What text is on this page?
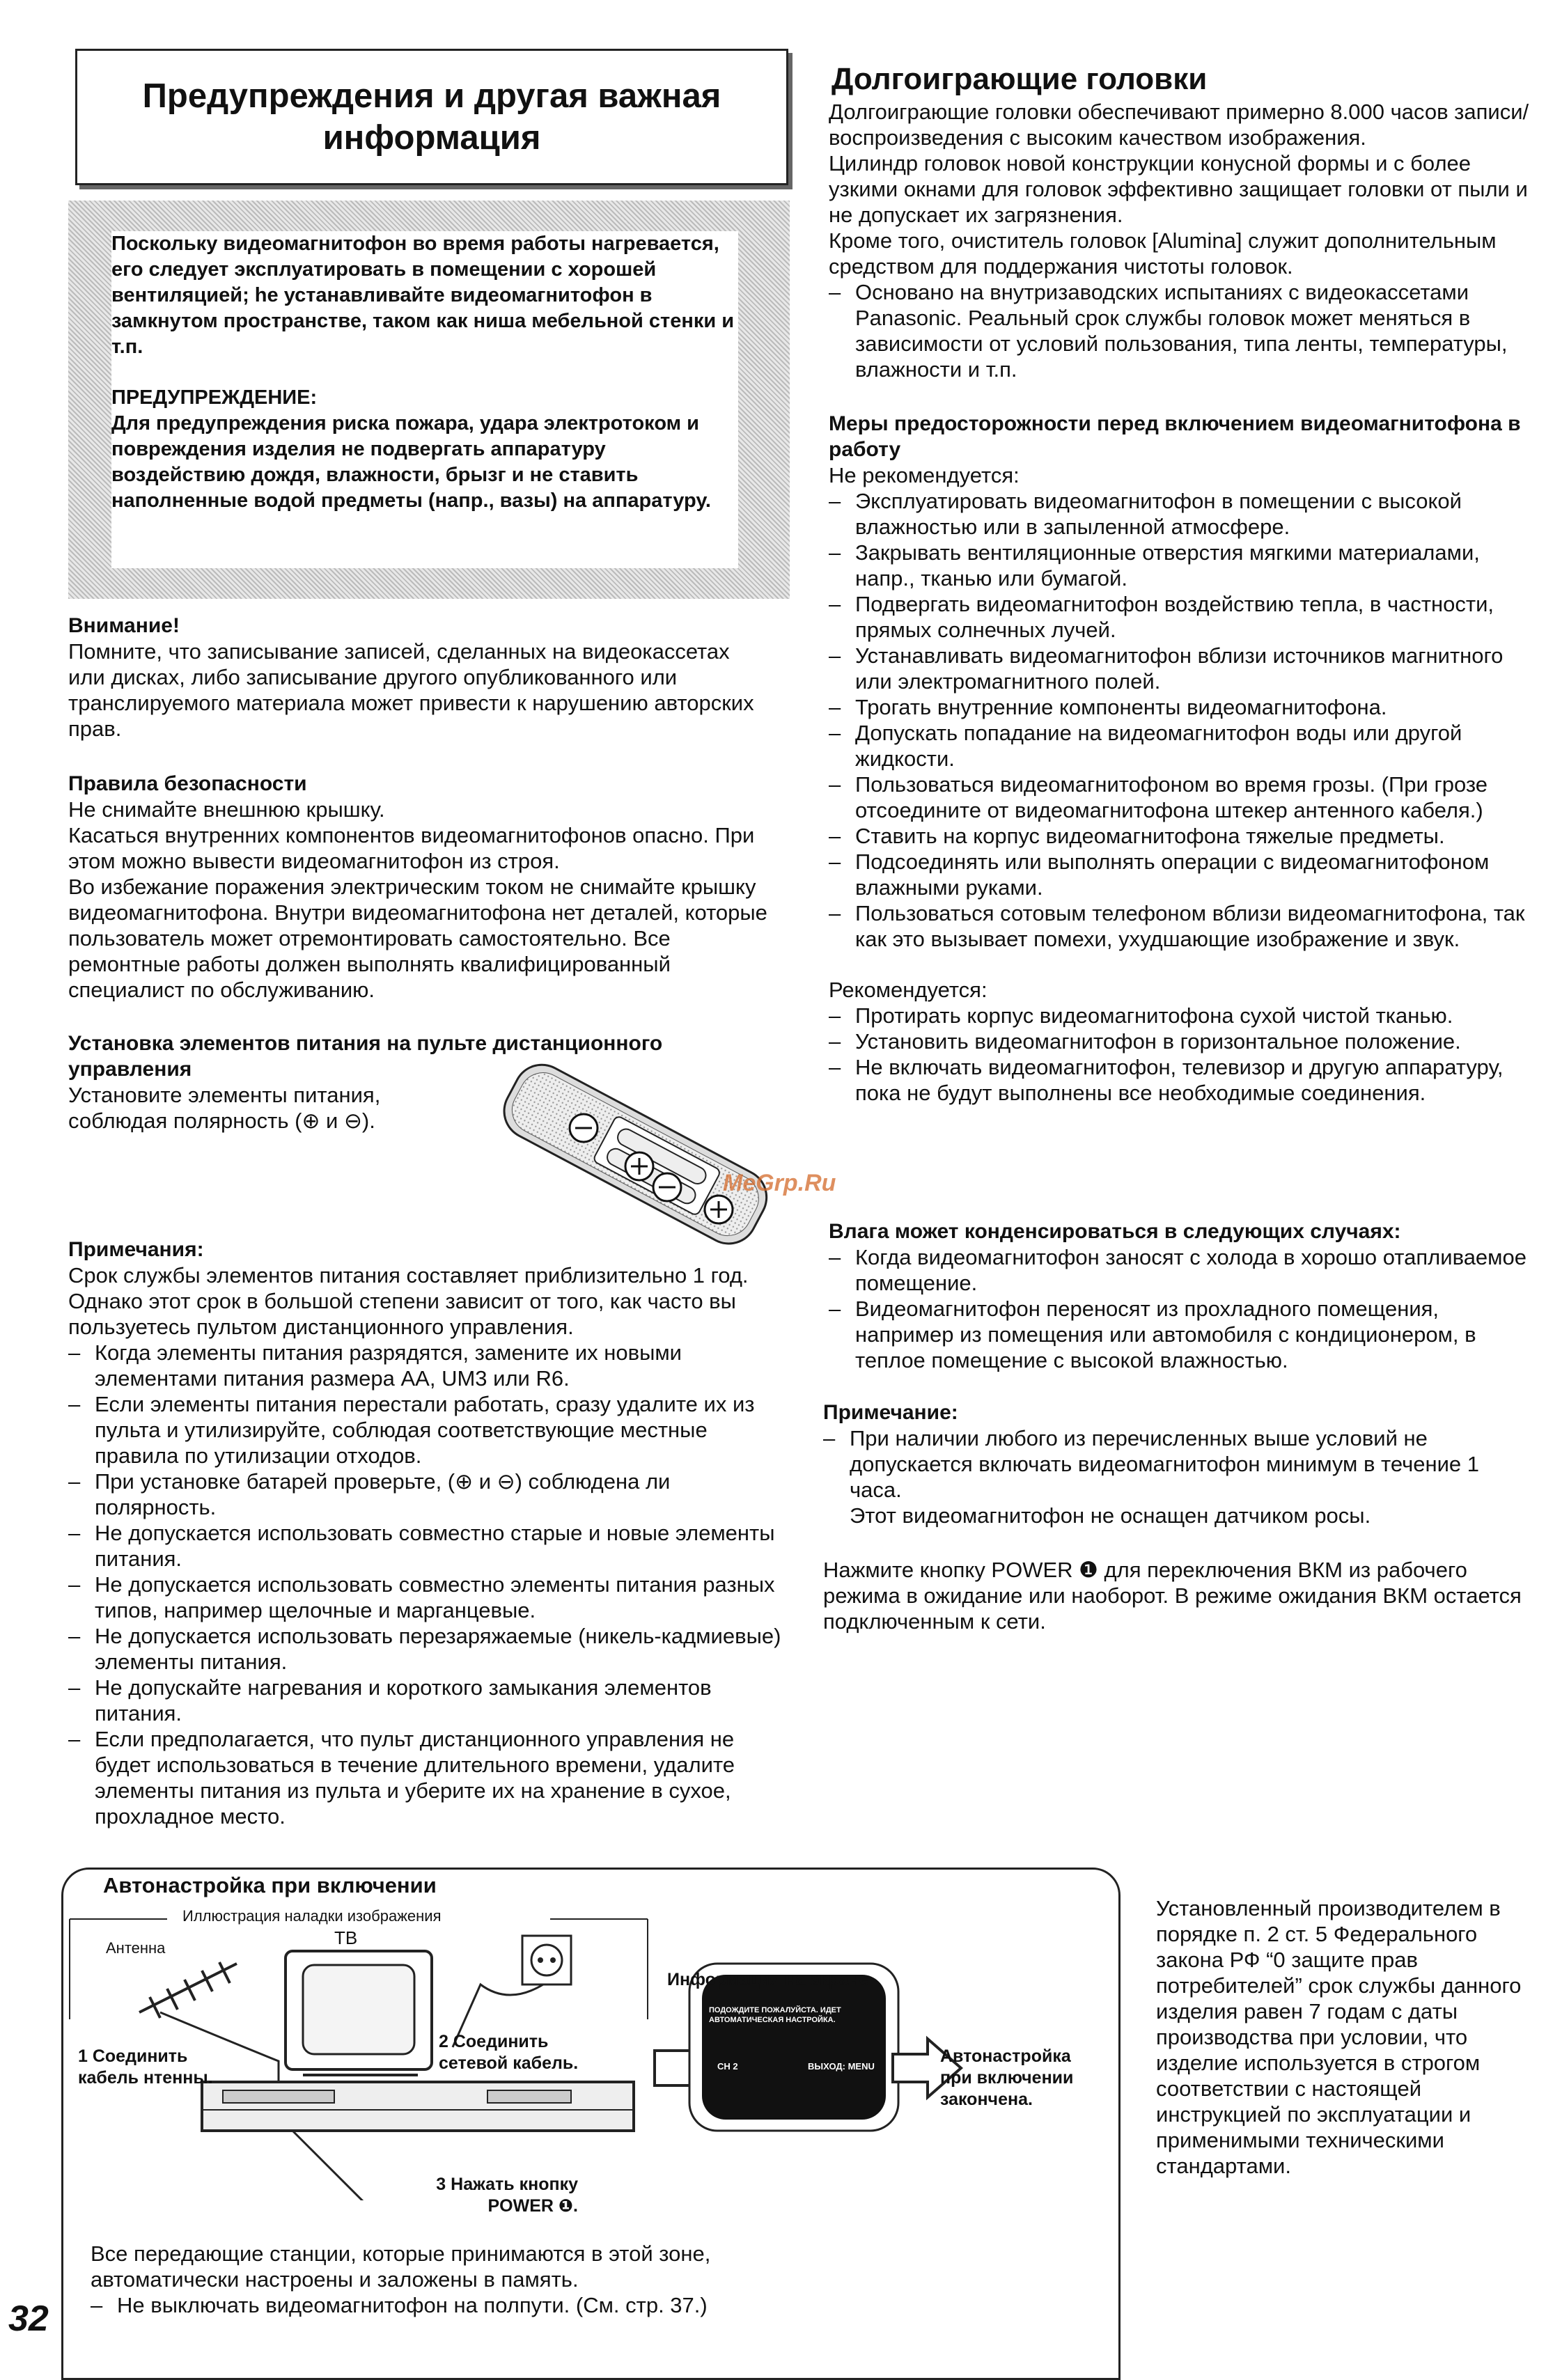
Предупреждения и другая важная информация

Поскольку видеомагнитофон во время работы нагревается, его следует эксплуатировать в помещении с хорошей вентиляцией; he устанавливайте видеомагнитофон в замкнутом пространстве, таком как ниша мебельной стенки и т.п.

ПРЕДУПРЕЖДЕНИЕ:

Для предупреждения риска пожара, удара электротоком и повреждения изделия не подвергать аппаратуру воздействию дождя, влажности, брызг и не ставить наполненные водой предметы (напр., вазы) на аппаратуру.

Внимание!

Помните, что записывание записей, сделанных на видеокассетах или дисках, либо записывание другого опубликованного или транслируемого материала может привести к нарушению авторских прав.

Правила безопасности

Не снимайте внешнюю крышку.

Касаться внутренних компонентов видеомагнитофонов опасно. При этом можно вывести видеомагнитофон из строя.

Во избежание поражения электрическим током не снимайте крышку видеомагнитофона. Внутри видеомагнитофона нет деталей, которые пользователь может отремонтировать самостоятельно. Все ремонтные работы должен выполнять квалифицированный специалист по обслуживанию.

Установка элементов питания на пульте дистанционного управления

Установите элементы питания, соблюдая полярность (⊕ и ⊖).

Примечания:

Срок службы элементов питания составляет приблизительно 1 год. Однако этот срок в большой степени зависит от того, как часто вы пользуетесь пультом дистанционного управления.

– Когда элементы питания разрядятся, замените их новыми элементами питания размера АА, UM3 или R6.
– Если элементы питания перестали работать, сразу удалите их из пульта и утилизируйте, соблюдая соответствующие местные правила по утилизации отходов.
– При установке батарей проверьте, (⊕ и ⊖) соблюдена ли полярность.
– Не допускается использовать совместно старые и новые элементы питания.
– Не допускается использовать совместно элементы питания разных типов, например щелочные и марганцевые.
– Не допускается использовать перезаряжаемые (никель-кадмиевые) элементы питания.
– Не допускайте нагревания и короткого замыкания элементов питания.
– Если предполагается, что пульт дистанционного управления не будет использоваться в течение длительного времени, удалите элементы питания из пульта и уберите их на хранение в сухое, прохладное место.
Долгоиграющие головки

Долгоиграющие головки обеспечивают примерно 8.000 часов записи/воспроизведения с высоким качеством изображения.

Цилиндр головок новой конструкции конусной формы и с более узкими окнами для головок эффективно защищает головки от пыли и не допускает их загрязнения.

Кроме того, очиститель головок [Alumina] служит дополнительным средством для поддержания чистоты головок.

– Основано на внутризаводских испытаниях с видеокассетами Panasonic. Реальный срок службы головок может меняться в зависимости от условий пользования, типа ленты, температуры, влажности и т.п.

Меры предосторожности перед включением видеомагнитофона в работу

Не рекомендуется:

– Эксплуатировать видеомагнитофон в помещении с высокой влажностью или в запыленной атмосфере.
– Закрывать вентиляционные отверстия мягкими материалами, напр., тканью или бумагой.
– Подвергать видеомагнитофон воздействию тепла, в частности, прямых солнечных лучей.
– Устанавливать видеомагнитофон вблизи источников магнитного или электромагнитного полей.
– Трогать внутренние компоненты видеомагнитофона.
– Допускать попадание на видеомагнитофон воды или другой жидкости.
– Пользоваться видеомагнитофоном во время грозы. (При грозе отсоедините от видеомагнитофона штекер антенного кабеля.)
– Ставить на корпус видеомагнитофона тяжелые предметы.
– Подсоединять или выполнять операции с видеомагнитофоном влажными руками.
– Пользоваться сотовым телефоном вблизи видеомагнитофона, так как это вызывает помехи, ухудшающие изображение и звук.

Рекомендуется:

– Протирать корпус видеомагнитофона сухой чистой тканью.
– Установить видеомагнитофон в горизонтальное положение.
– Не включать видеомагнитофон, телевизор и другую аппаратуру, пока не будут выполнены все необходимые соединения.
MeGrp.Ru

Влага может конденсироваться в следующих случаях:

– Когда видеомагнитофон заносят с холода в хорошо отапливаемое помещение.
– Видеомагнитофон переносят из прохладного помещения, например из помещения или автомобиля с кондиционером, в теплое помещение с высокой влажностью.

Примечание:

– При наличии любого из перечисленных выше условий не допускается включать видеомагнитофон минимум в течение 1 часа.

Этот видеомагнитофон не оснащен датчиком росы.

Нажмите кнопку POWER ❶ для переключения ВКМ из рабочего режима в ожидание или наоборот. В режиме ожидания ВКМ остается подключенным к сети.

Автонастройка при включении
Иллюстрация наладки изображения
Антенна	ТВ
1 Соединить кабель нтенны.
2 Соединить сетевой кабель.
3 Нажать кнопку POWER ❶.
Информация на экране
ПОДОЖДИТЕ ПОЖАЛУЙСТА. ИДЕТ АВТОМАТИЧЕСКАЯ НАСТРОЙКА.
CH 2	ВЫХОД: MENU
Автонастройка при включении закончена.

Все передающие станции, которые принимаются в этой зоне, автоматически настроены и заложены в память.

– Не выключать видеомагнитофон на полпути. (См. стр. 37.)

Установленный производителем в порядке п. 2 ст. 5 Федерального закона РФ “0 защите прав потребителей” срок службы данного изделия равен 7 годам с даты производства при условии, что изделие используется в строгом соответствии с настоящей инструкцией по эксплуатации и применимыми техническими стандартами.

32
